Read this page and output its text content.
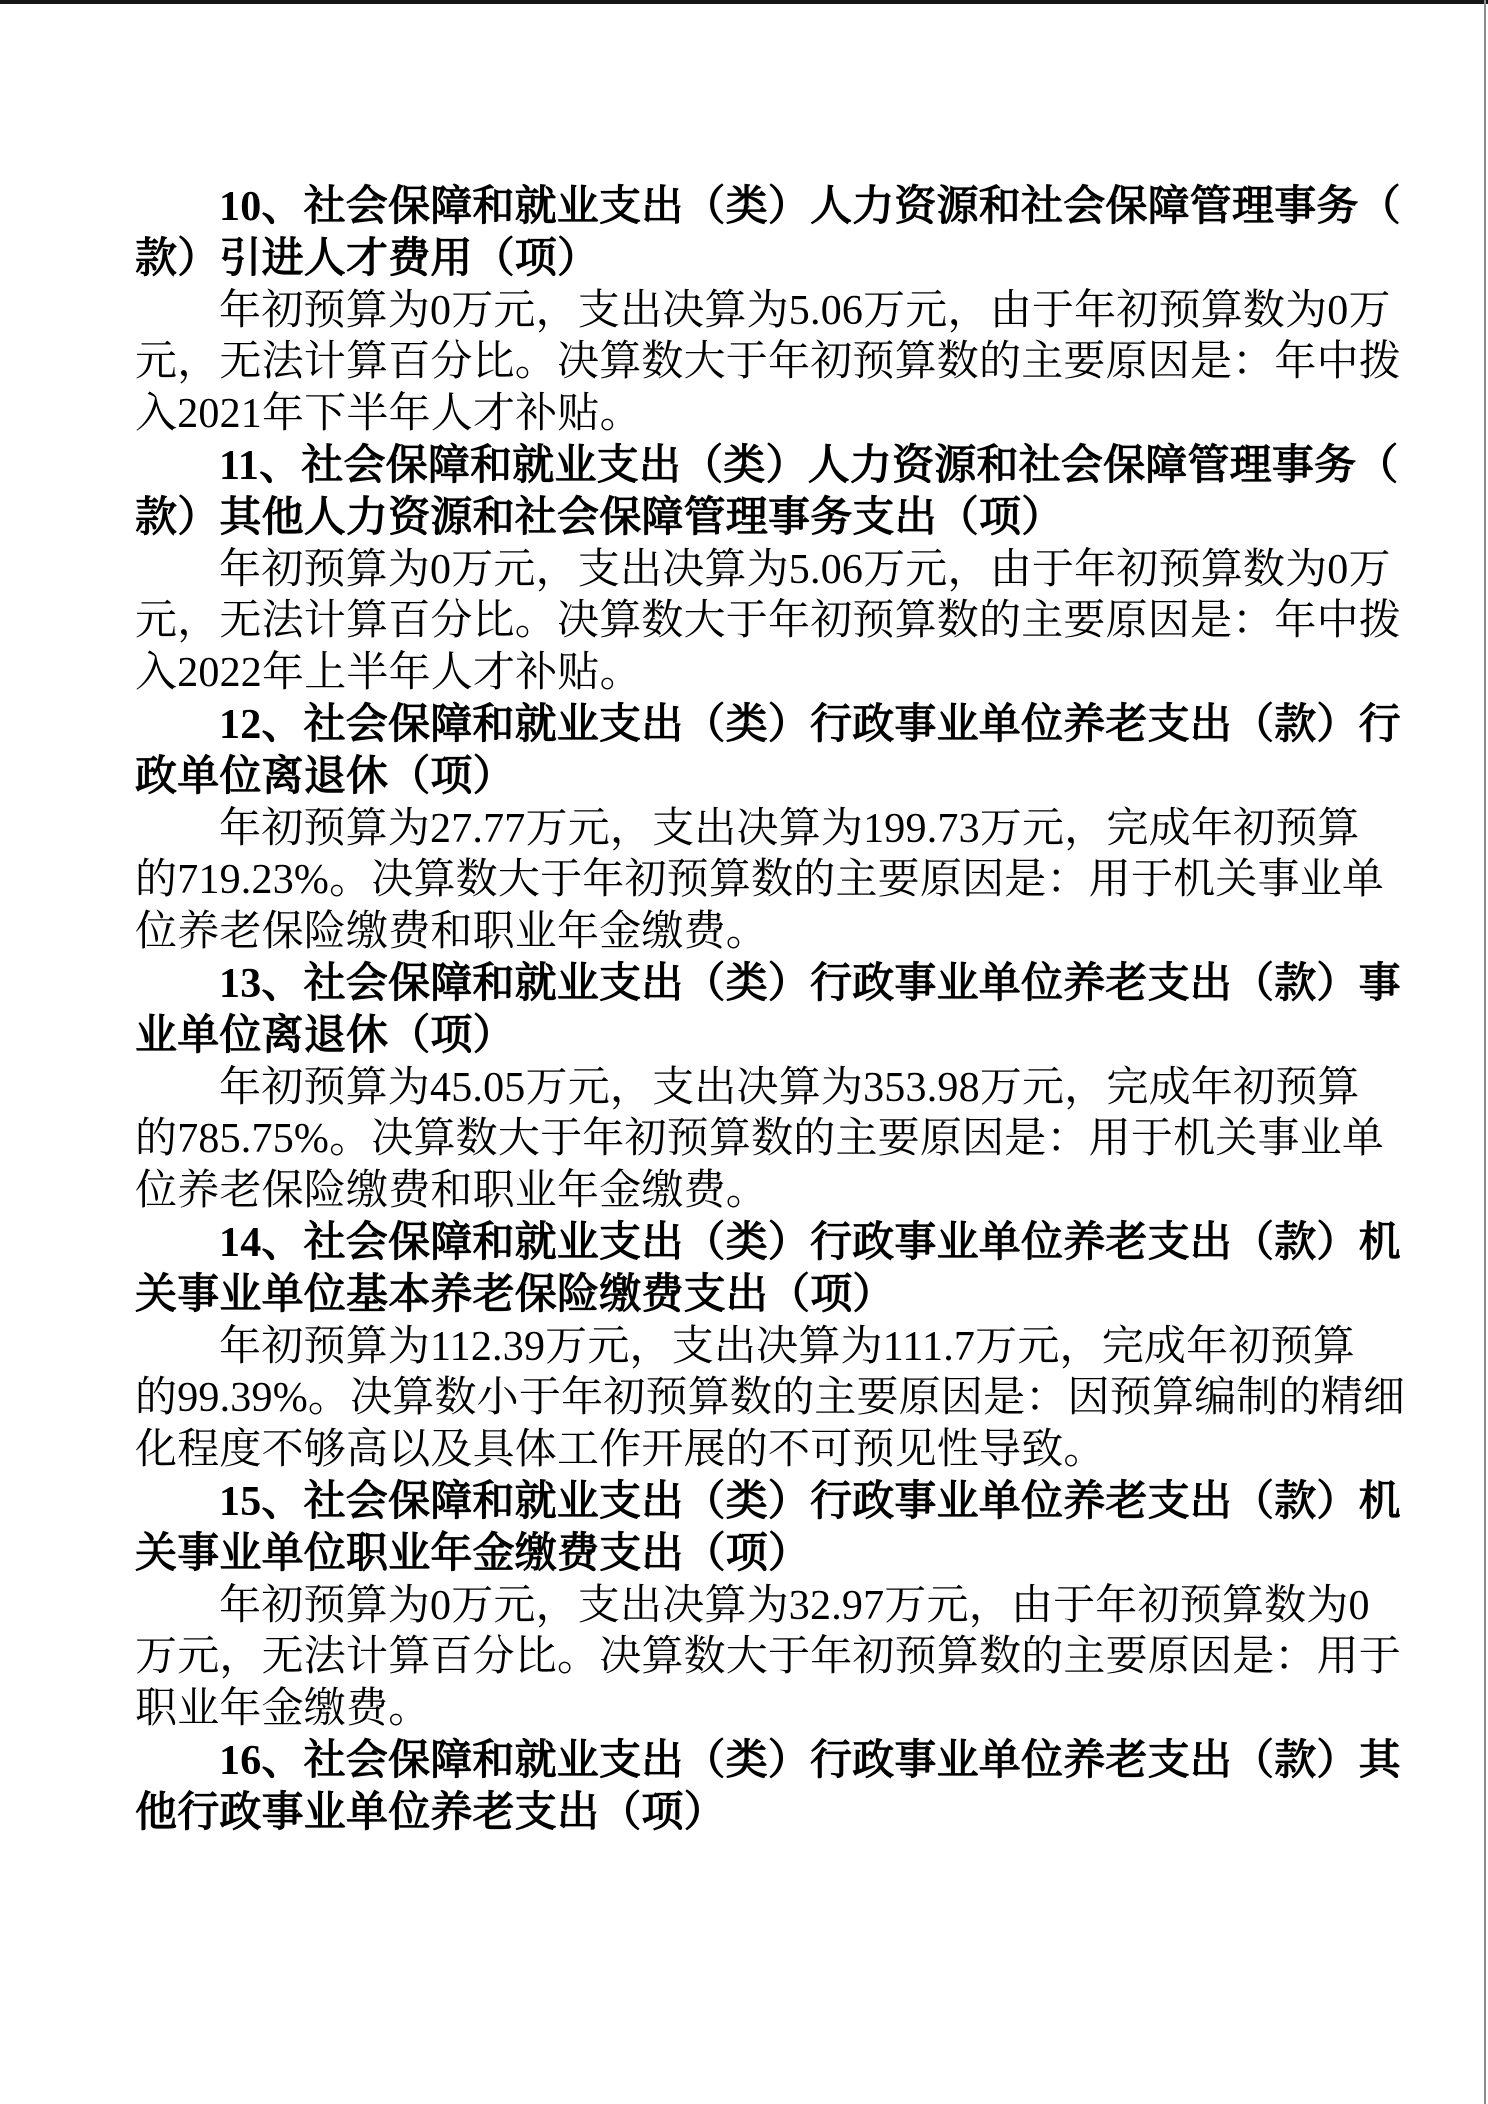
10、社会保障和就业支出（类）人力资源和社会保障管理事务（
款）引进人才费用（项）
年初预算为0万元，支出决算为5.06万元，由于年初预算数为0万
元，无法计算百分比。决算数大于年初预算数的主要原因是：年中拨
入2021年下半年人才补贴。
11、社会保障和就业支出（类）人力资源和社会保障管理事务（
款）其他人力资源和社会保障管理事务支出（项）
年初预算为0万元，支出决算为5.06万元，由于年初预算数为0万
元，无法计算百分比。决算数大于年初预算数的主要原因是：年中拨
入2022年上半年人才补贴。
12、社会保障和就业支出（类）行政事业单位养老支出（款）行
政单位离退休（项）
年初预算为27.77万元，支出决算为199.73万元，完成年初预算
的719.23%。决算数大于年初预算数的主要原因是：用于机关事业单
位养老保险缴费和职业年金缴费。
13、社会保障和就业支出（类）行政事业单位养老支出（款）事
业单位离退休（项）
年初预算为45.05万元，支出决算为353.98万元，完成年初预算
的785.75%。决算数大于年初预算数的主要原因是：用于机关事业单
位养老保险缴费和职业年金缴费。
14、社会保障和就业支出（类）行政事业单位养老支出（款）机
关事业单位基本养老保险缴费支出（项）
年初预算为112.39万元，支出决算为111.7万元，完成年初预算
的99.39%。决算数小于年初预算数的主要原因是：因预算编制的精细
化程度不够高以及具体工作开展的不可预见性导致。
15、社会保障和就业支出（类）行政事业单位养老支出（款）机
关事业单位职业年金缴费支出（项）
年初预算为0万元，支出决算为32.97万元，由于年初预算数为0
万元，无法计算百分比。决算数大于年初预算数的主要原因是：用于
职业年金缴费。
16、社会保障和就业支出（类）行政事业单位养老支出（款）其
他行政事业单位养老支出（项）
